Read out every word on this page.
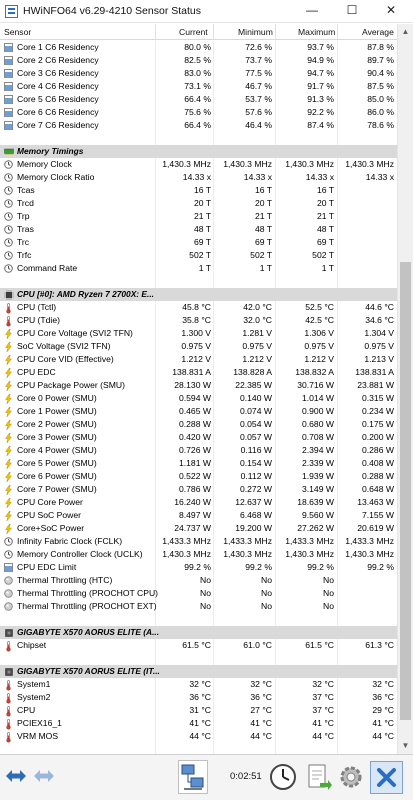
HWiNFO64 v6.29-4210 Sensor Status	—	☐	✕
Sensor	Current	Minimum	Maximum	Average
Core 1 C6 Residency	80.0 %	72.6 %	93.7 %	87.8 %
Core 2 C6 Residency	82.5 %	73.7 %	94.9 %	89.7 %
Core 3 C6 Residency	83.0 %	77.5 %	94.7 %	90.4 %
Core 4 C6 Residency	73.1 %	46.7 %	91.7 %	87.5 %
Core 5 C6 Residency	66.4 %	53.7 %	91.3 %	85.0 %
Core 6 C6 Residency	75.6 %	57.6 %	92.2 %	86.0 %
Core 7 C6 Residency	66.4 %	46.4 %	87.4 %	78.6 %
Memory Timings
Memory Clock	1,430.3 MHz 1,430.3 MHz 1,430.3 MHz 1,430.3 MHz
Memory Clock Ratio	14.33 x	14.33 x	14.33 x	14.33 x
Tcas	16 T	16 T	16 T
Trcd	20 T	20 T	20 T
Trp	21 T	21 T	21 T
Tras	48 T	48 T	48 T
Trc	69 T	69 T	69 T
Trfc	502 T	502 T	502 T
Command Rate	1 T	1 T	1 T
CPU [#0]: AMD Ryzen 7 2700X: E...
CPU (Tctl)	45.8 °C	42.0 °C	52.5 °C	44.6 °C
CPU (Tdie)	35.8 °C	32.0 °C	42.5 °C	34.6 °C
CPU Core Voltage (SVI2 TFN)	1.300 V	1.281 V	1.306 V	1.304 V
SoC Voltage (SVI2 TFN)	0.975 V	0.975 V	0.975 V	0.975 V
CPU Core VID (Effective)	1.212 V	1.212 V	1.212 V	1.213 V
CPU EDC	138.831 A	138.828 A	138.832 A 138.831 A
CPU Package Power (SMU)	28.130 W	22.385 W	30.716 W	23.881 W
Core 0 Power (SMU)	0.594 W	0.140 W	1.014 W	0.315 W
Core 1 Power (SMU)	0.465 W	0.074 W	0.900 W	0.234 W
Core 2 Power (SMU)	0.288 W	0.054 W	0.680 W	0.175 W
Core 3 Power (SMU)	0.420 W	0.057 W	0.708 W	0.200 W
Core 4 Power (SMU)	0.726 W	0.116 W	2.394 W	0.286 W
Core 5 Power (SMU)	1.181 W	0.154 W	2.339 W	0.408 W
Core 6 Power (SMU)	0.522 W	0.112 W	1.939 W	0.288 W
Core 7 Power (SMU)	0.786 W	0.272 W	3.149 W	0.648 W
CPU Core Power	16.240 W	12.637 W	18.639 W	13.463 W
CPU SoC Power	8.497 W	6.468 W	9.560 W	7.155 W
Core+SoC Power	24.737 W	19.200 W	27.262 W	20.619 W
Infinity Fabric Clock (FCLK)	1,433.3 MHz 1,433.3 MHz 1,433.3 MHz 1,433.3 MHz
Memory Controller Clock (UCLK) 1,430.3 MHz 1,430.3 MHz 1,430.3 MHz 1,430.3 MHz
CPU EDC Limit	99.2 %	99.2 %	99.2 %	99.2 %
Thermal Throttling (HTC)	No	No	No
Thermal Throttling (PROCHOT CPU)	No	No	No
Thermal Throttling (PROCHOT EXT)	No	No	No
GIGABYTE X570 AORUS ELITE (A...
Chipset	61.5 °C	61.0 °C	61.5 °C	61.3 °C
GIGABYTE X570 AORUS ELITE (IT...
System1	32 °C	32 °C	32 °C	32 °C
System2	36 °C	36 °C	37 °C	36 °C
CPU	31 °C	27 °C	37 °C	29 °C
PCIEX16_1	41 °C	41 °C	41 °C	41 °C
VRM MOS	44 °C	44 °C	44 °C	44 °C
▲
▼
0:02:51
